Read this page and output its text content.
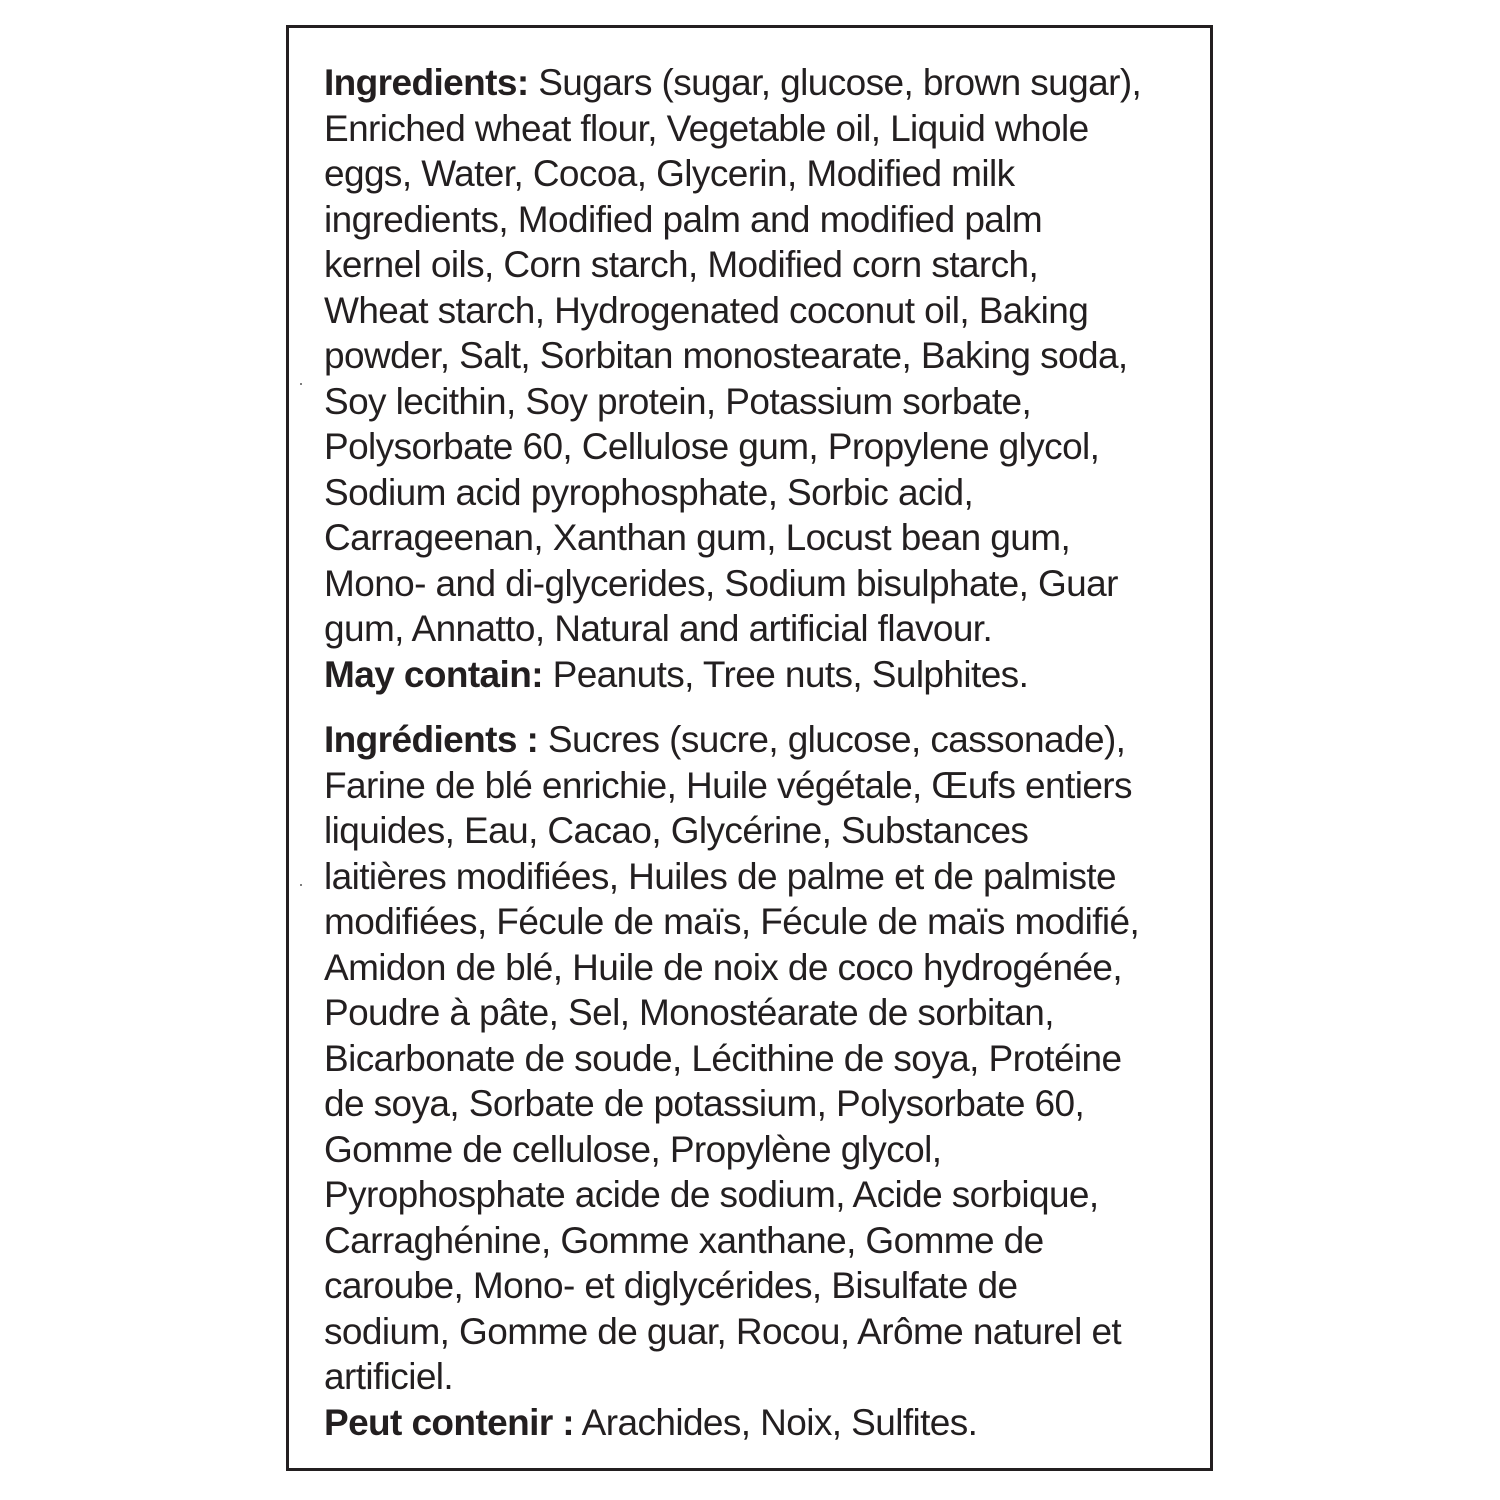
Ingredients: Sugars (sugar, glucose, brown sugar),
Enriched wheat flour, Vegetable oil, Liquid whole
eggs, Water, Cocoa, Glycerin, Modified milk
ingredients, Modified palm and modified palm
kernel oils, Corn starch, Modified corn starch,
Wheat starch, Hydrogenated coconut oil, Baking
powder, Salt, Sorbitan monostearate, Baking soda,
Soy lecithin, Soy protein, Potassium sorbate,
Polysorbate 60, Cellulose gum, Propylene glycol,
Sodium acid pyrophosphate, Sorbic acid,
Carrageenan, Xanthan gum, Locust bean gum,
Mono- and di-glycerides, Sodium bisulphate, Guar
gum, Annatto, Natural and artificial flavour.
May contain: Peanuts, Tree nuts, Sulphites.
Ingrédients : Sucres (sucre, glucose, cassonade),
Farine de blé enrichie, Huile végétale, Œufs entiers
liquides, Eau, Cacao, Glycérine, Substances
laitières modifiées, Huiles de palme et de palmiste
modifiées, Fécule de maïs, Fécule de maïs modifié,
Amidon de blé, Huile de noix de coco hydrogénée,
Poudre à pâte, Sel, Monostéarate de sorbitan,
Bicarbonate de soude, Lécithine de soya, Protéine
de soya, Sorbate de potassium, Polysorbate 60,
Gomme de cellulose, Propylène glycol,
Pyrophosphate acide de sodium, Acide sorbique,
Carraghénine, Gomme xanthane, Gomme de
caroube, Mono- et diglycérides, Bisulfate de
sodium, Gomme de guar, Rocou, Arôme naturel et
artificiel.
Peut contenir : Arachides, Noix, Sulfites.
